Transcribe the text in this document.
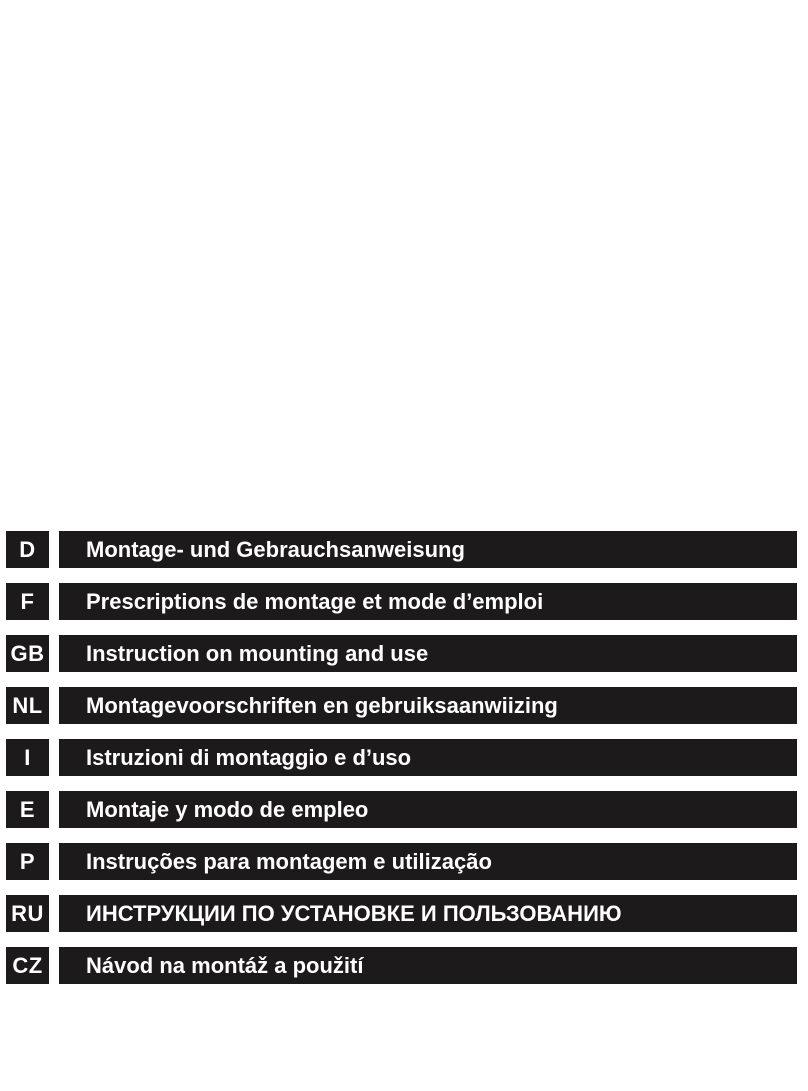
D	Montage- und Gebrauchsanweisung
F	Prescriptions de montage et mode d’emploi
GB	Instruction on mounting and use
NL	Montagevoorschriften en gebruiksaanwiizing
I	Istruzioni di montaggio e d’uso
E	Montaje y modo de empleo
P	Instruções para montagem e utilização
RU	ИНСТРУКЦИИ ПО УСТАНОВКЕ И ПОЛЬЗОВАНИЮ
CZ	Návod na montáž a použití
